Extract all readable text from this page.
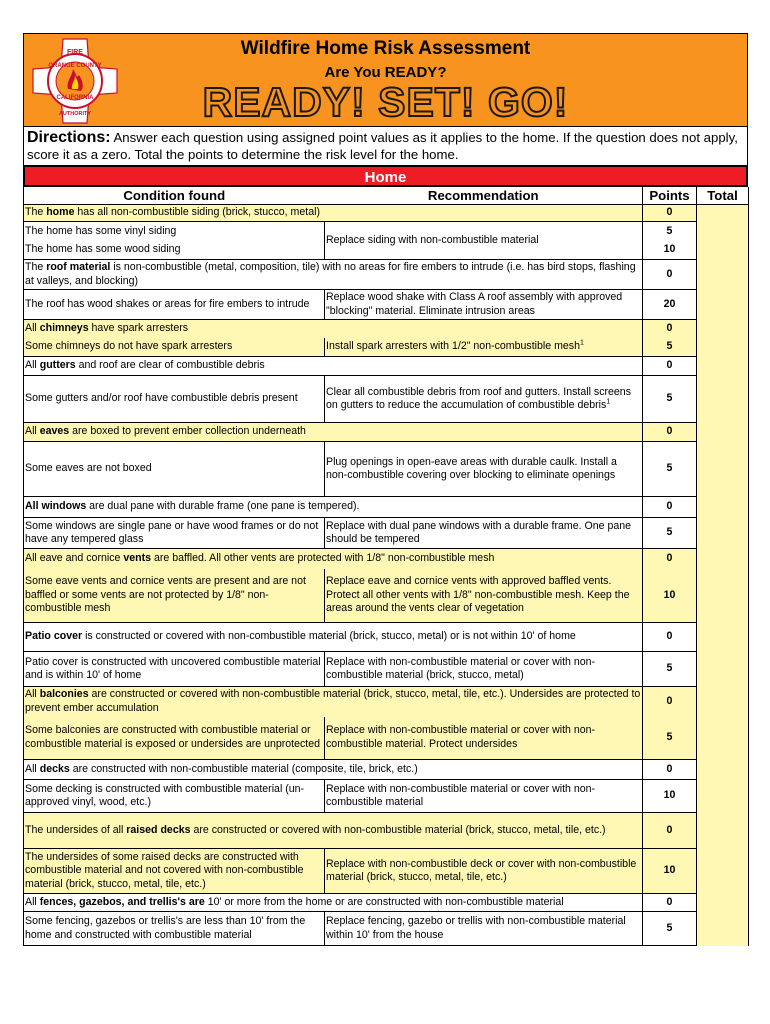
FIRE
ORANGE COUNTY
CALIFORNIA
AUTHORITY
Wildfire Home Risk Assessment
Are You READY?
READY! SET! GO!
Directions: Answer each question using assigned point values as it applies to the home. If the question does not apply, score it as a zero. Total the points to determine the risk level for the home.
Home
Condition found	Recommendation	Points	Total
The home has all non-combustible siding (brick, stucco, metal)		0	
The home has some vinyl siding	Replace siding with non-combustible material	5	
The home has some wood siding		10	
The roof material is non-combustible (metal, composition, tile) with no areas for fire embers to intrude (i.e. has bird stops, flashing at valleys, and blocking)		0	
The roof has wood shakes or areas for fire embers to intrude	Replace wood shake with Class A roof assembly with approved "blocking" material. Eliminate intrusion areas	20	
All chimneys have spark arresters		0	
Some chimneys do not have spark arresters	Install spark arresters with 1/2" non-combustible mesh$^1$	5	
All gutters and roof are clear of combustible debris		0	
Some gutters and/or roof have combustible debris present	Clear all combustible debris from roof and gutters. Install screens on gutters to reduce the accumulation of combustible debris$^1$	5	
All eaves are boxed to prevent ember collection underneath		0	
Some eaves are not boxed	Plug openings in open-eave areas with durable caulk. Install a non-combustible covering over blocking to eliminate openings	5	
All windows are dual pane with durable frame (one pane is tempered).		0	
Some windows are single pane or have wood frames or do not have any tempered glass	Replace with dual pane windows with a durable frame. One pane should be tempered	5	
All eave and cornice vents are baffled. All other vents are protected with 1/8" non-combustible mesh		0	
Some eave vents and cornice vents are present and are not baffled or some vents are not protected by 1/8" non-combustible mesh	Replace eave and cornice vents with approved baffled vents. Protect all other vents with 1/8" non-combustible mesh. Keep the areas around the vents clear of vegetation	10	
Patio cover is constructed or covered with non-combustible material (brick, stucco, metal) or is not within 10' of home		0	
Patio cover is constructed with uncovered combustible material and is within 10' of home	Replace with non-combustible material or cover with non-combustible material (brick, stucco, metal)	5	
All balconies are constructed or covered with non-combustible material (brick, stucco, metal, tile, etc.). Undersides are protected to prevent ember accumulation		0	
Some balconies are constructed with combustible material or combustible material is exposed or undersides are unprotected	Replace with non-combustible material or cover with non-combustible material. Protect undersides	5	
All decks are constructed with non-combustible material (composite, tile, brick, etc.)		0	
Some decking is constructed with combustible material (un-approved vinyl, wood, etc.)	Replace with non-combustible material or cover with non-combustible material	10	
The undersides of all raised decks are constructed or covered with non-combustible material (brick, stucco, metal, tile, etc.)		0	
The undersides of some raised decks are constructed with combustible material and not covered with non-combustible material (brick, stucco, metal, tile, etc.)	Replace with non-combustible deck or cover with non-combustible material (brick, stucco, metal, tile, etc.)	10	
All fences, gazebos, and trellis's are 10' or more from the home or are constructed with non-combustible material		0	
Some fencing, gazebos or trellis's are less than 10' from the home and constructed with combustible material	Replace fencing, gazebo or trellis with non-combustible material within 10' from the house	5	
